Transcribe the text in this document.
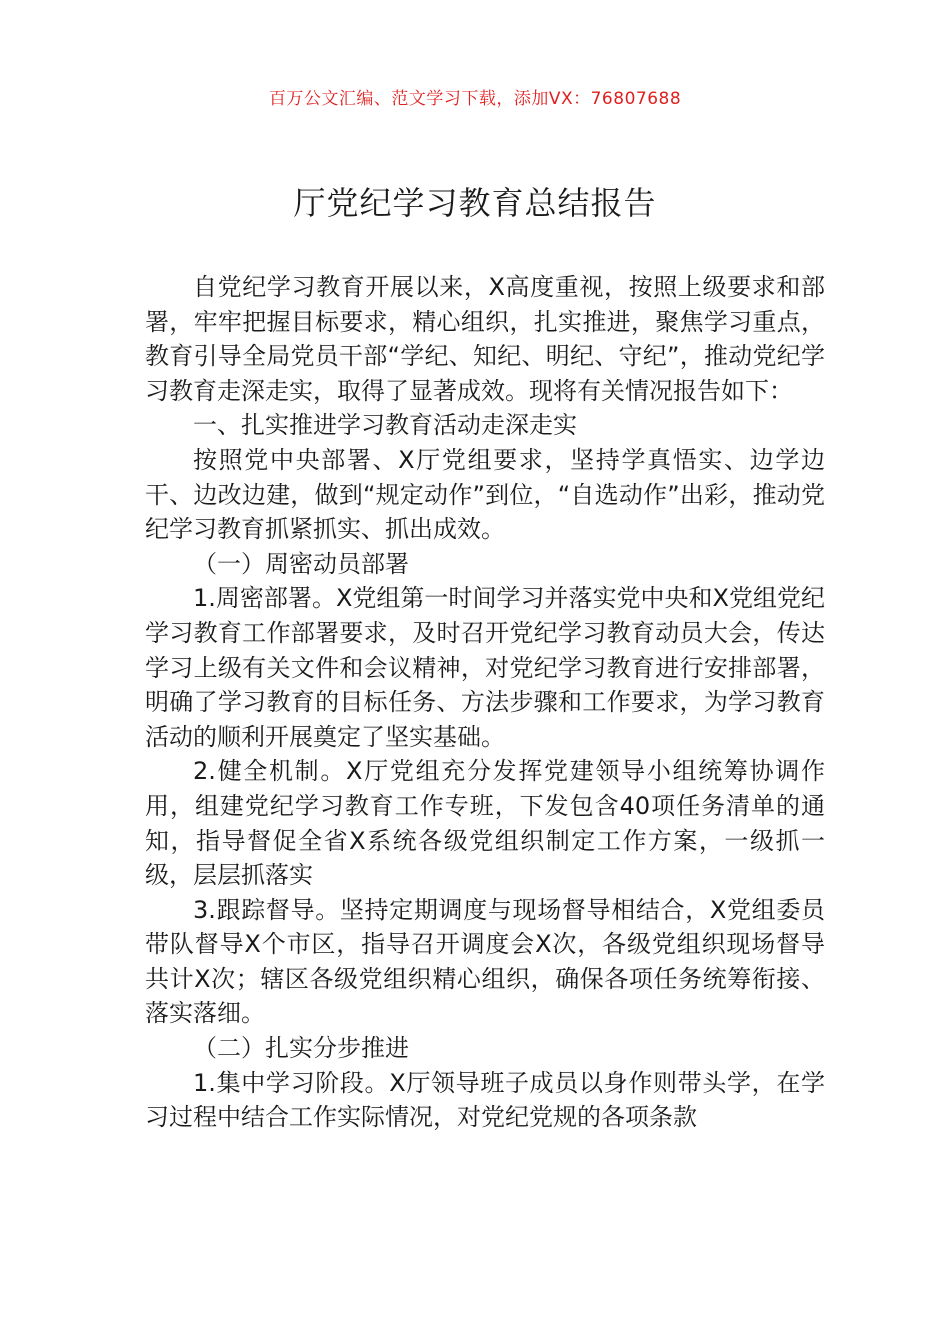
百万公文汇编、范文学习下载，添加VX：76807688
厅党纪学习教育总结报告

自党纪学习教育开展以来，X高度重视，按照上级要求和部署，牢牢把握目标要求，精心组织，扎实推进，聚焦学习重点，教育引导全局党员干部“学纪、知纪、明纪、守纪”，推动党纪学习教育走深走实，取得了显著成效。现将有关情况报告如下：

一、扎实推进学习教育活动走深走实

按照党中央部署、X厅党组要求，坚持学真悟实、边学边干、边改边建，做到“规定动作”到位，“自选动作”出彩，推动党纪学习教育抓紧抓实、抓出成效。

（一）周密动员部署

1.周密部署。X党组第一时间学习并落实党中央和X党组党纪学习教育工作部署要求，及时召开党纪学习教育动员大会，传达学习上级有关文件和会议精神，对党纪学习教育进行安排部署，明确了学习教育的目标任务、方法步骤和工作要求，为学习教育活动的顺利开展奠定了坚实基础。

2.健全机制。X厅党组充分发挥党建领导小组统筹协调作用，组建党纪学习教育工作专班，下发包含40项任务清单的通知，指导督促全省X系统各级党组织制定工作方案，一级抓一级，层层抓落实

3.跟踪督导。坚持定期调度与现场督导相结合，X党组委员带队督导X个市区，指导召开调度会X次，各级党组织现场督导共计X次；辖区各级党组织精心组织，确保各项任务统筹衔接、落实落细。

（二）扎实分步推进

1.集中学习阶段。X厅领导班子成员以身作则带头学，在学习过程中结合工作实际情况，对党纪党规的各项条款
